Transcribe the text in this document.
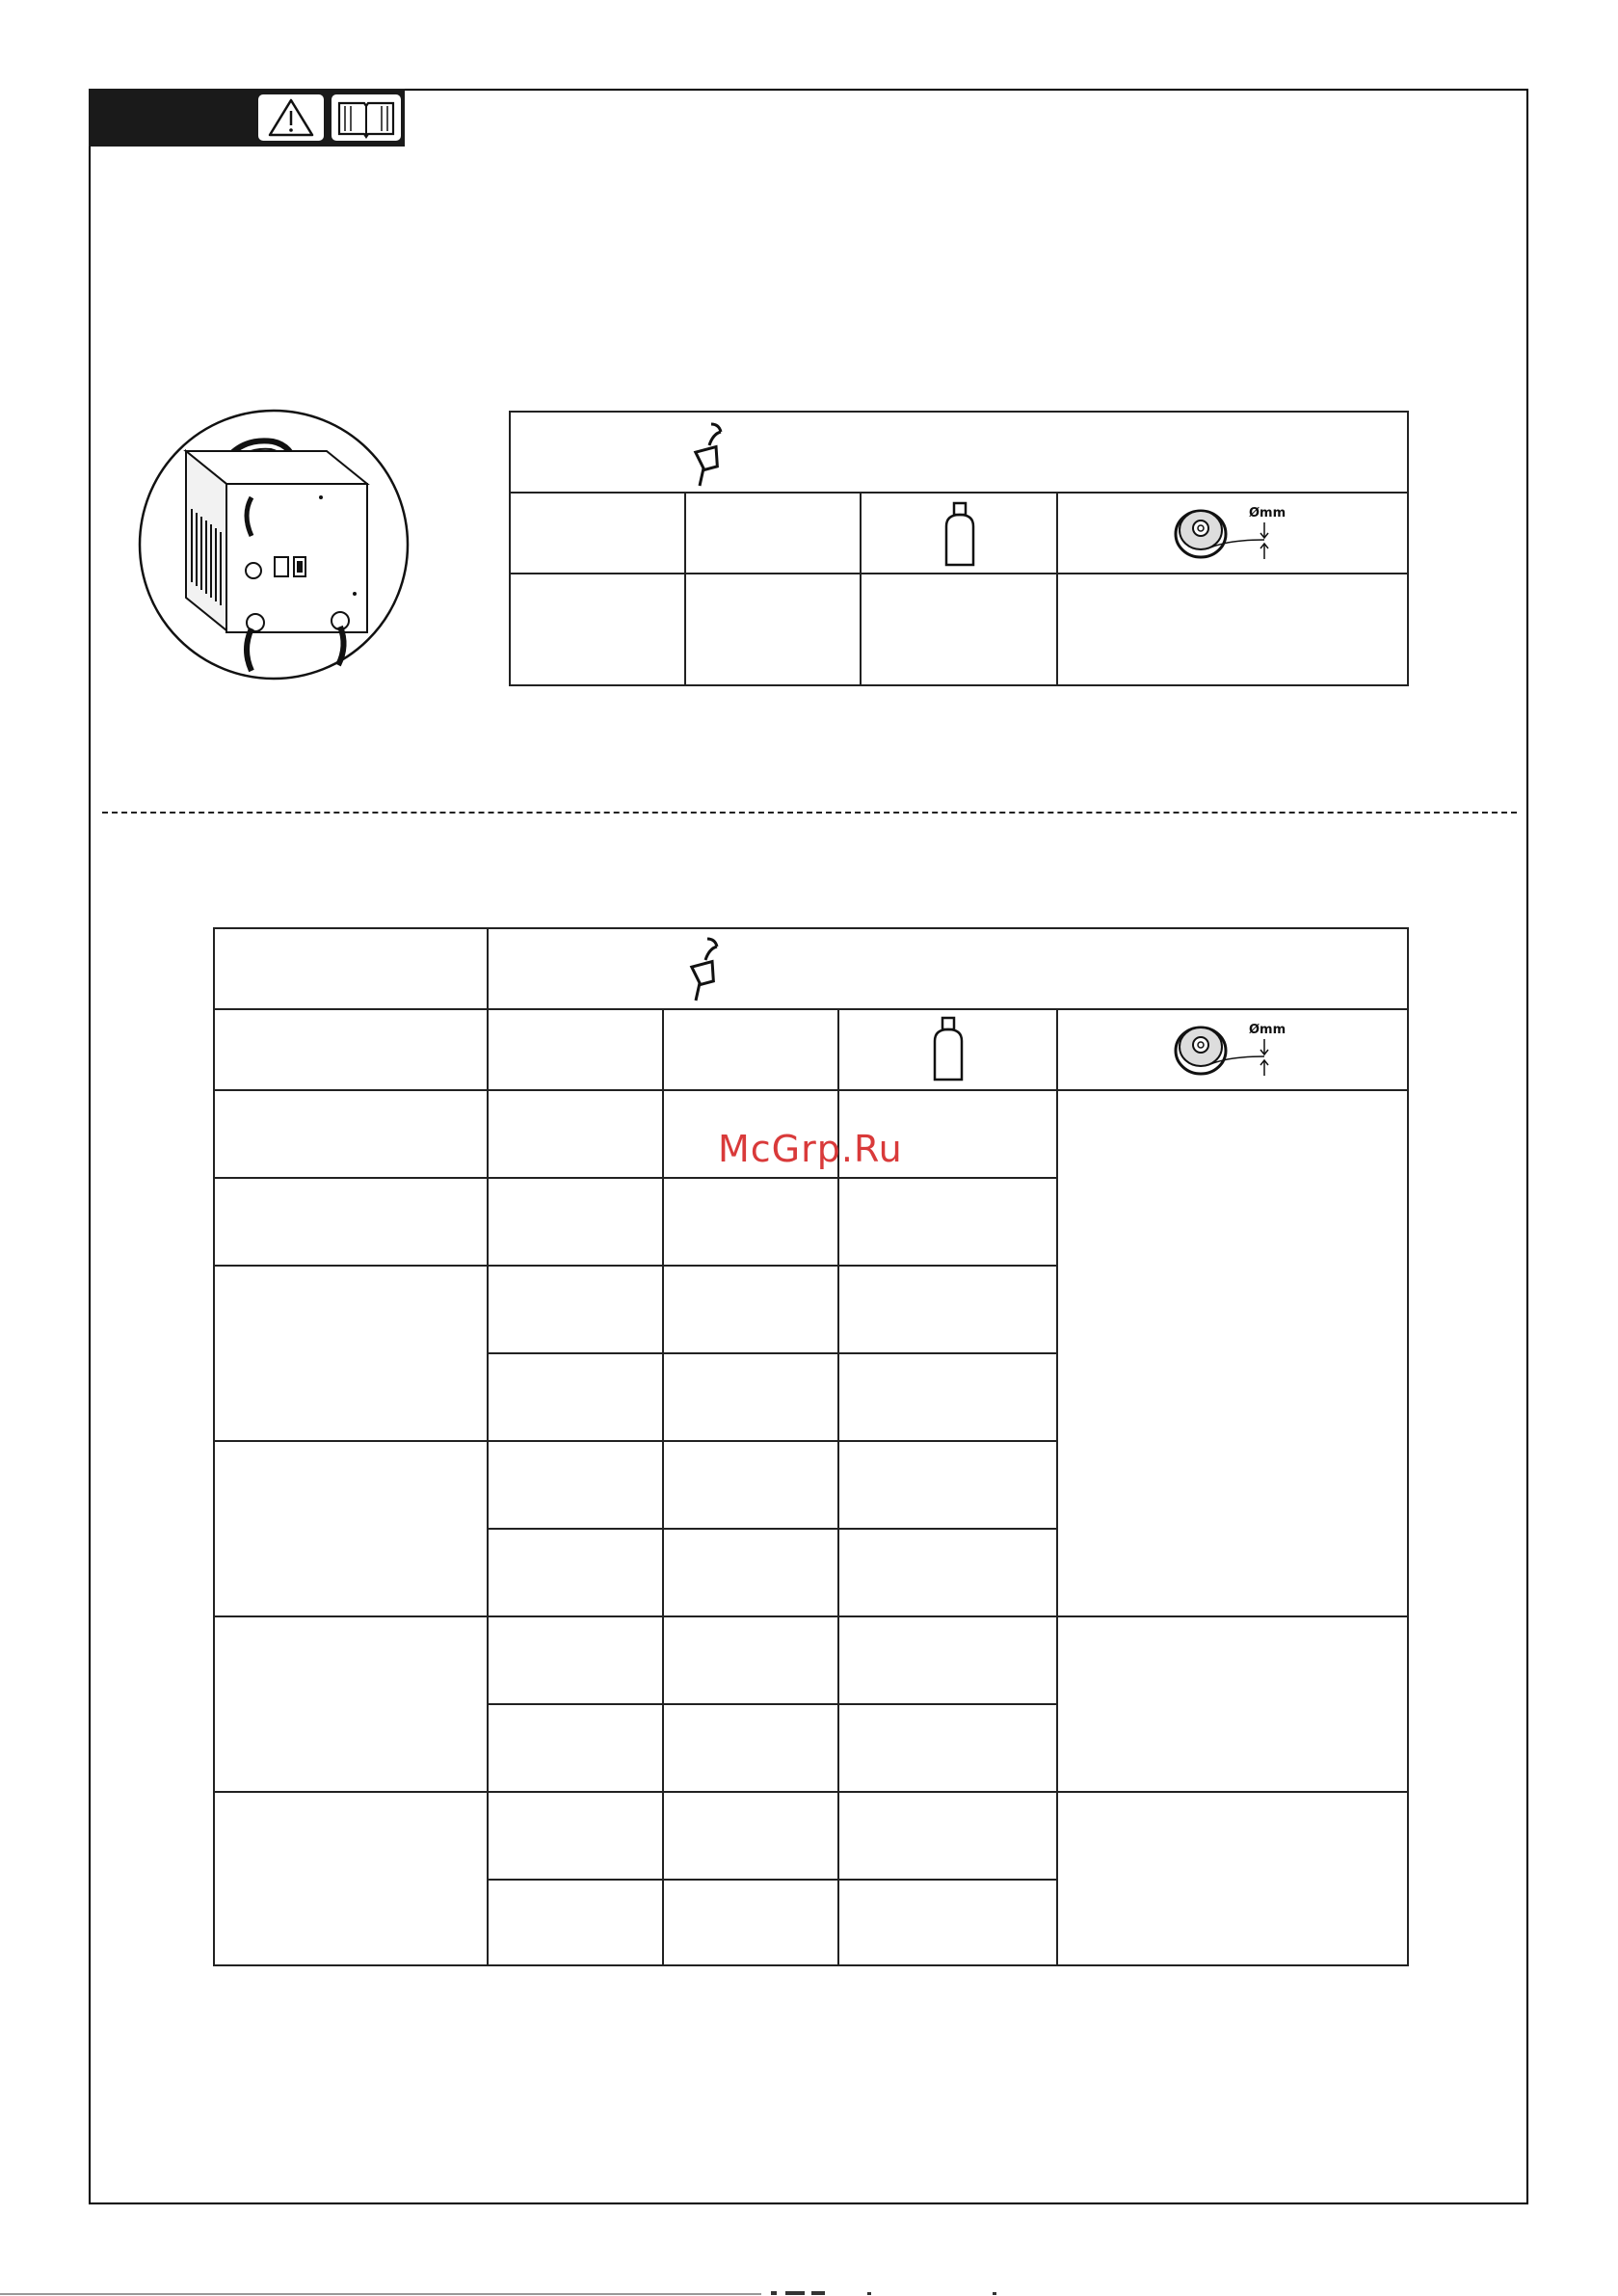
Ømm
Ømm
McGrp.Ru
